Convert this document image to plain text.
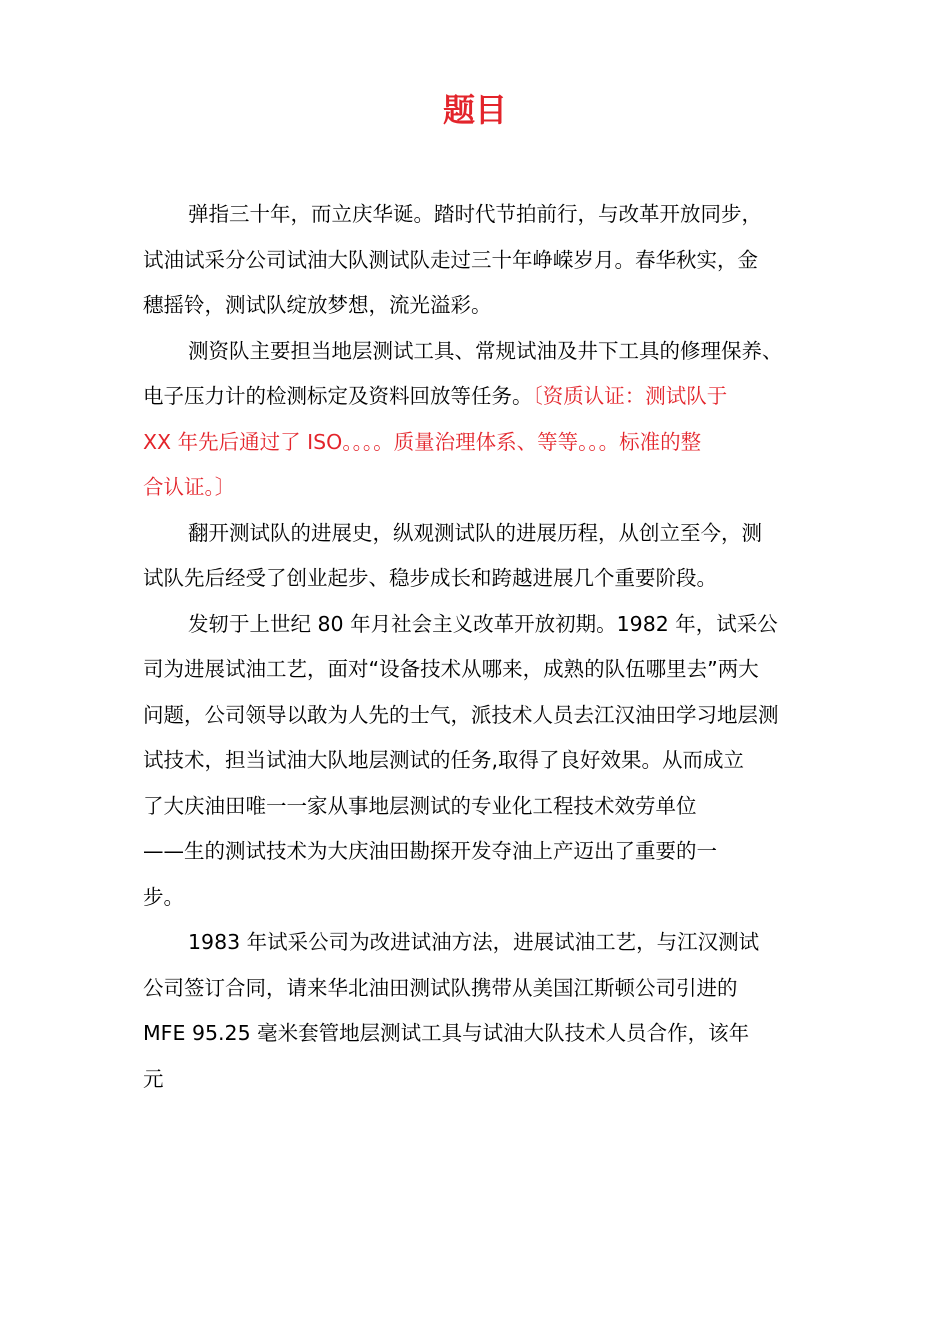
题目

弹指三十年，而立庆华诞。踏时代节拍前行，与改革开放同步，
试油试采分公司试油大队测试队走过三十年峥嵘岁月。春华秋实，金
穗摇铃，测试队绽放梦想，流光溢彩。

测资队主要担当地层测试工具、常规试油及井下工具的修理保养、
电子压力计的检测标定及资料回放等任务。〔资质认证：测试队于
XX 年先后通过了 ISO。。。。质量治理体系、等等。。。标准的整
合认证。〕

翻开测试队的进展史，纵观测试队的进展历程，从创立至今，测
试队先后经受了创业起步、稳步成长和跨越进展几个重要阶段。

发轫于上世纪 80 年月社会主义改革开放初期。1982 年，试采公
司为进展试油工艺，面对“设备技术从哪来，成熟的队伍哪里去”两大
问题，公司领导以敢为人先的士气，派技术人员去江汉油田学习地层测
试技术，担当试油大队地层测试的任务,取得了良好效果。从而成立
了大庆油田唯一一家从事地层测试的专业化工程技术效劳单位
——生的测试技术为大庆油田勘探开发夺油上产迈出了重要的一
步。

1983 年试采公司为改进试油方法，进展试油工艺，与江汉测试
公司签订合同，请来华北油田测试队携带从美国江斯顿公司引进的
MFE 95.25 毫米套管地层测试工具与试油大队技术人员合作，该年
元
